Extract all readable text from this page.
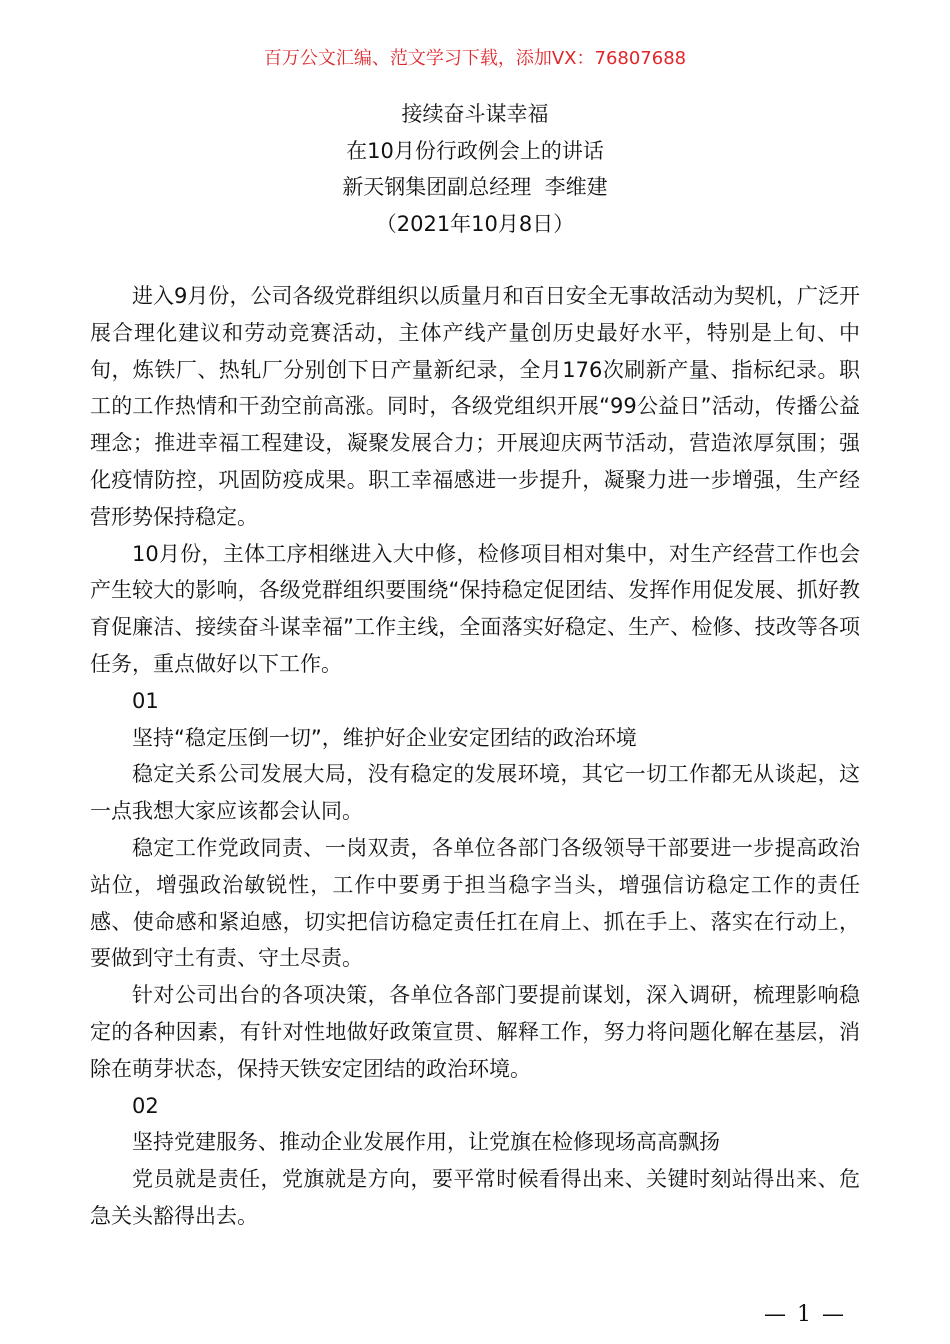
百万公文汇编、范文学习下载，添加VX：76807688
接续奋斗谋幸福
在10月份行政例会上的讲话
新天钢集团副总经理  李维建
（2021年10月8日）

进入9月份，公司各级党群组织以质量月和百日安全无事故活动为契机，广泛开展合理化建议和劳动竞赛活动，主体产线产量创历史最好水平，特别是上旬、中旬，炼铁厂、热轧厂分别创下日产量新纪录，全月176次刷新产量、指标纪录。职工的工作热情和干劲空前高涨。同时，各级党组织开展“99公益日”活动，传播公益理念；推进幸福工程建设，凝聚发展合力；开展迎庆两节活动，营造浓厚氛围；强化疫情防控，巩固防疫成果。职工幸福感进一步提升，凝聚力进一步增强，生产经营形势保持稳定。

10月份，主体工序相继进入大中修，检修项目相对集中，对生产经营工作也会产生较大的影响，各级党群组织要围绕“保持稳定促团结、发挥作用促发展、抓好教育促廉洁、接续奋斗谋幸福”工作主线，全面落实好稳定、生产、检修、技改等各项任务，重点做好以下工作。

01

坚持“稳定压倒一切”，维护好企业安定团结的政治环境

稳定关系公司发展大局，没有稳定的发展环境，其它一切工作都无从谈起，这一点我想大家应该都会认同。

稳定工作党政同责、一岗双责，各单位各部门各级领导干部要进一步提高政治站位，增强政治敏锐性，工作中要勇于担当稳字当头，增强信访稳定工作的责任感、使命感和紧迫感，切实把信访稳定责任扛在肩上、抓在手上、落实在行动上，要做到守土有责、守土尽责。

针对公司出台的各项决策，各单位各部门要提前谋划，深入调研，梳理影响稳定的各种因素，有针对性地做好政策宣贯、解释工作，努力将问题化解在基层，消除在萌芽状态，保持天铁安定团结的政治环境。

02

坚持党建服务、推动企业发展作用，让党旗在检修现场高高飘扬

党员就是责任，党旗就是方向，要平常时候看得出来、关键时刻站得出来、危急关头豁得出去。

— 1 —
